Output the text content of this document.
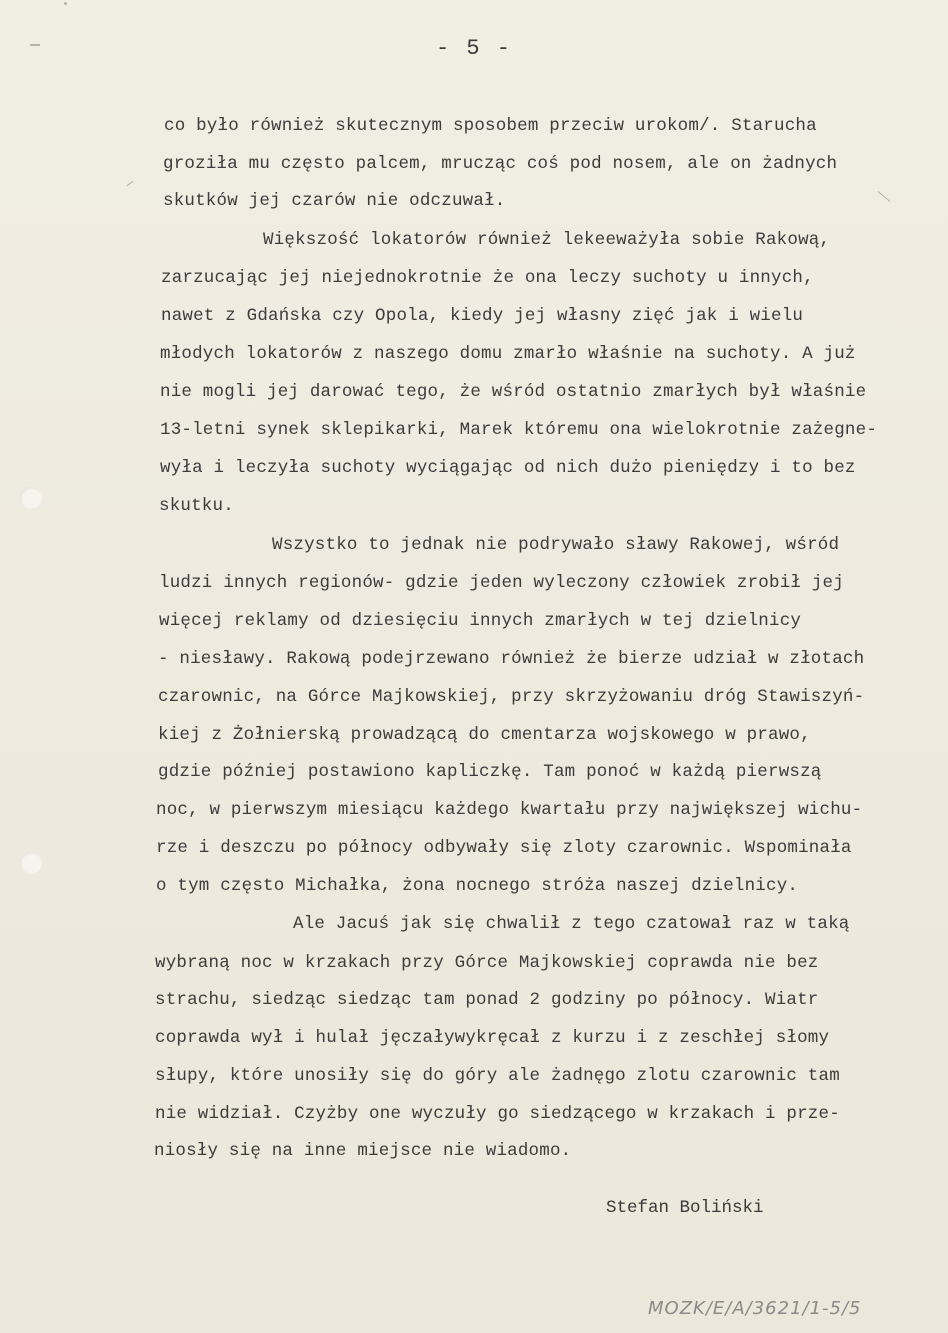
- 5 -
co było również skutecznym sposobem przeciw urokom/. Starucha
groziła mu często palcem, mrucząc coś pod nosem, ale on żadnych
skutków jej czarów nie odczuwał.
Większość lokatorów również lekeeważyła sobie Rakową,
zarzucając jej niejednokrotnie że ona leczy suchoty u innych,
nawet z Gdańska czy Opola, kiedy jej własny zięć jak i wielu
młodych lokatorów z naszego domu zmarło właśnie na suchoty. A już
nie mogli jej darować tego, że wśród ostatnio zmarłych był właśnie
13-letni synek sklepikarki, Marek któremu ona wielokrotnie zażegne-
wyła i leczyła suchoty wyciągając od nich dużo pieniędzy i to bez
skutku.
Wszystko to jednak nie podrywało sławy Rakowej, wśród
ludzi innych regionów- gdzie jeden wyleczony człowiek zrobił jej
więcej reklamy od dziesięciu innych zmarłych w tej dzielnicy
- niesławy. Rakową podejrzewano również że bierze udział w złotach
czarownic, na Górce Majkowskiej, przy skrzyżowaniu dróg Stawiszyń-
kiej z Żołnierską prowadzącą do cmentarza wojskowego w prawo,
gdzie później postawiono kapliczkę. Tam ponoć w każdą pierwszą
noc, w pierwszym miesiącu każdego kwartału przy największej wichu-
rze i deszczu po północy odbywały się zloty czarownic. Wspominała
o tym często Michałka, żona nocnego stróża naszej dzielnicy.
Ale Jacuś jak się chwalił z tego czatował raz w taką
wybraną noc w krzakach przy Górce Majkowskiej coprawda nie bez
strachu, siedząc siedząc tam ponad 2 godziny po północy. Wiatr
coprawda wył i hulał jęczaływykręcał z kurzu i z zeschłej słomy
słupy, które unosiły się do góry ale żadnęgo zlotu czarownic tam
nie widział. Czyżby one wyczuły go siedzącego w krzakach i prze-
niosły się na inne miejsce nie wiadomo.
Stefan Boliński
MOZK/E/A/3621/1-5/5
